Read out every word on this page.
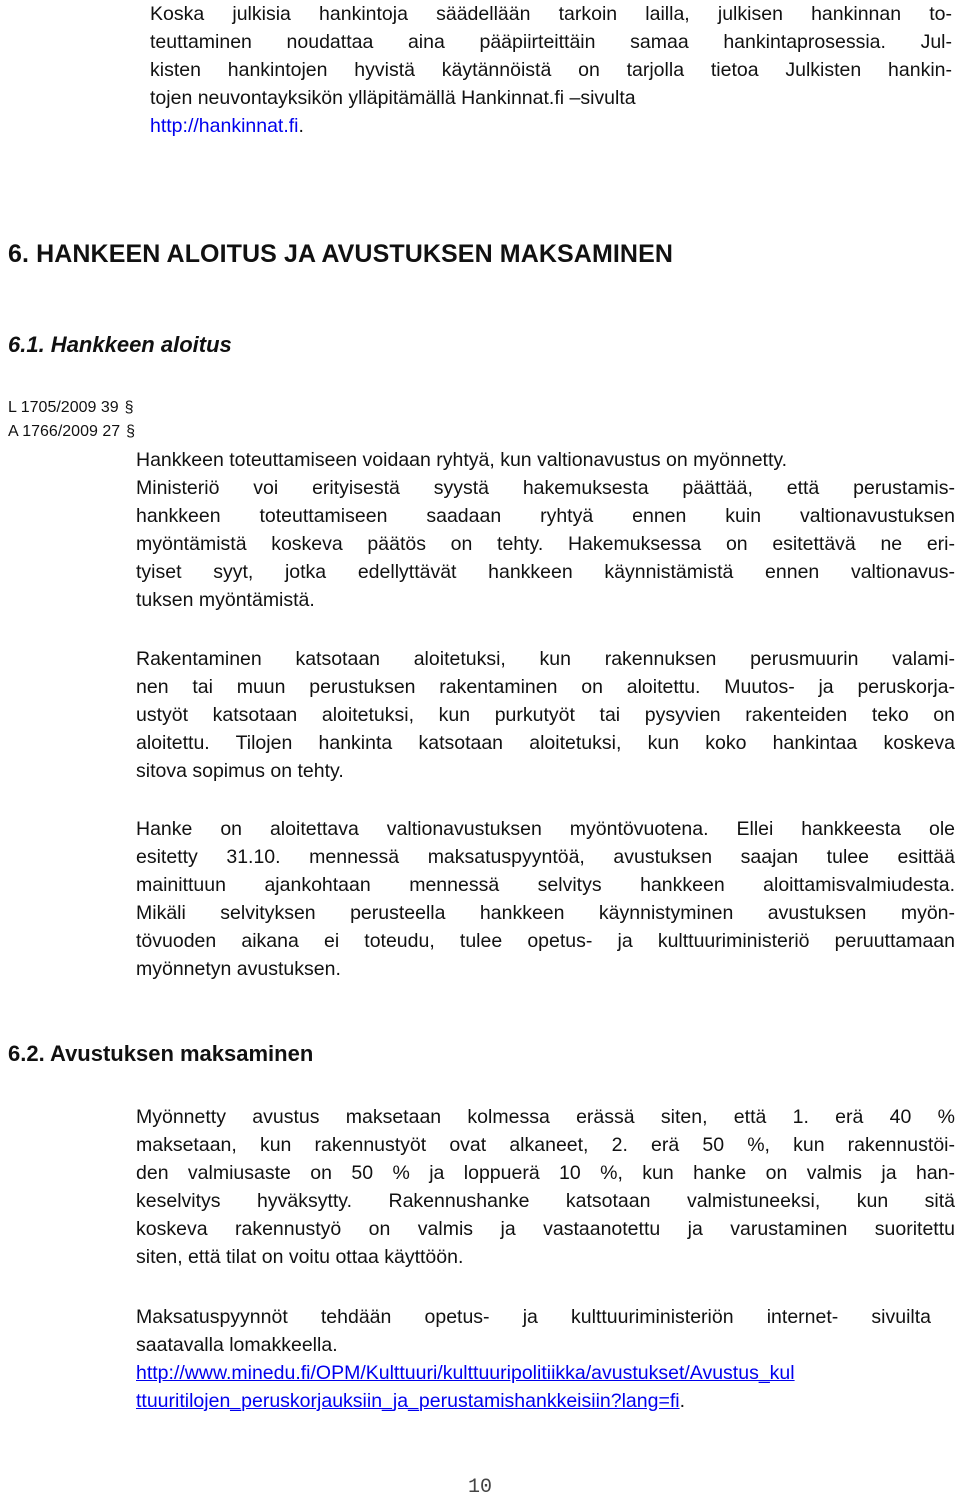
Koska julkisia hankintoja säädellään tarkoin lailla, julkisen hankinnan to-
teuttaminen noudattaa aina pääpiirteittäin samaa hankintaprosessia. Jul-
kisten hankintojen hyvistä käytännöistä on tarjolla tietoa Julkisten hankin-
tojen neuvontayksikön ylläpitämällä Hankinnat.fi –sivulta
http://hankinnat.fi.
6. HANKEEN ALOITUS JA AVUSTUKSEN MAKSAMINEN
6.1. Hankkeen aloitus
L 1705/2009 39 §
A 1766/2009 27 §
Hankkeen toteuttamiseen voidaan ryhtyä, kun valtionavustus on myönnetty.
Ministeriö voi erityisestä syystä hakemuksesta päättää, että perustamis-
hankkeen toteuttamiseen saadaan ryhtyä ennen kuin valtionavustuksen
myöntämistä koskeva päätös on tehty. Hakemuksessa on esitettävä ne eri-
tyiset syyt, jotka edellyttävät hankkeen käynnistämistä ennen valtionavus-
tuksen myöntämistä.
Rakentaminen katsotaan aloitetuksi, kun rakennuksen perusmuurin valami-
nen tai muun perustuksen rakentaminen on aloitettu. Muutos- ja peruskorja-
ustyöt katsotaan aloitetuksi, kun purkutyöt tai pysyvien rakenteiden teko on
aloitettu. Tilojen hankinta katsotaan aloitetuksi, kun koko hankintaa koskeva
sitova sopimus on tehty.
Hanke on aloitettava valtionavustuksen myöntövuotena. Ellei hankkeesta ole
esitetty 31.10. mennessä maksatuspyyntöä, avustuksen saajan tulee esittää
mainittuun ajankohtaan mennessä selvitys hankkeen aloittamisvalmiudesta.
Mikäli selvityksen perusteella hankkeen käynnistyminen avustuksen myön-
tövuoden aikana ei toteudu, tulee opetus- ja kulttuuriministeriö peruuttamaan
myönnetyn avustuksen.
6.2. Avustuksen maksaminen
Myönnetty avustus maksetaan kolmessa erässä siten, että 1. erä 40 %
maksetaan, kun rakennustyöt ovat alkaneet, 2. erä 50 %, kun rakennustöi-
den valmiusaste on 50 % ja loppuerä 10 %, kun hanke on valmis ja han-
keselvitys hyväksytty. Rakennushanke katsotaan valmistuneeksi, kun sitä
koskeva rakennustyö on valmis ja vastaanotettu ja varustaminen suoritettu
siten, että tilat on voitu ottaa käyttöön.
Maksatuspyynnöt tehdään opetus- ja kulttuuriministeriön internet- sivuilta
saatavalla lomakkeella.
http://www.minedu.fi/OPM/Kulttuuri/kulttuuripolitiikka/avustukset/Avustus_kul
ttuuritilojen_peruskorjauksiin_ja_perustamishankkeisiin?lang=fi.
10
